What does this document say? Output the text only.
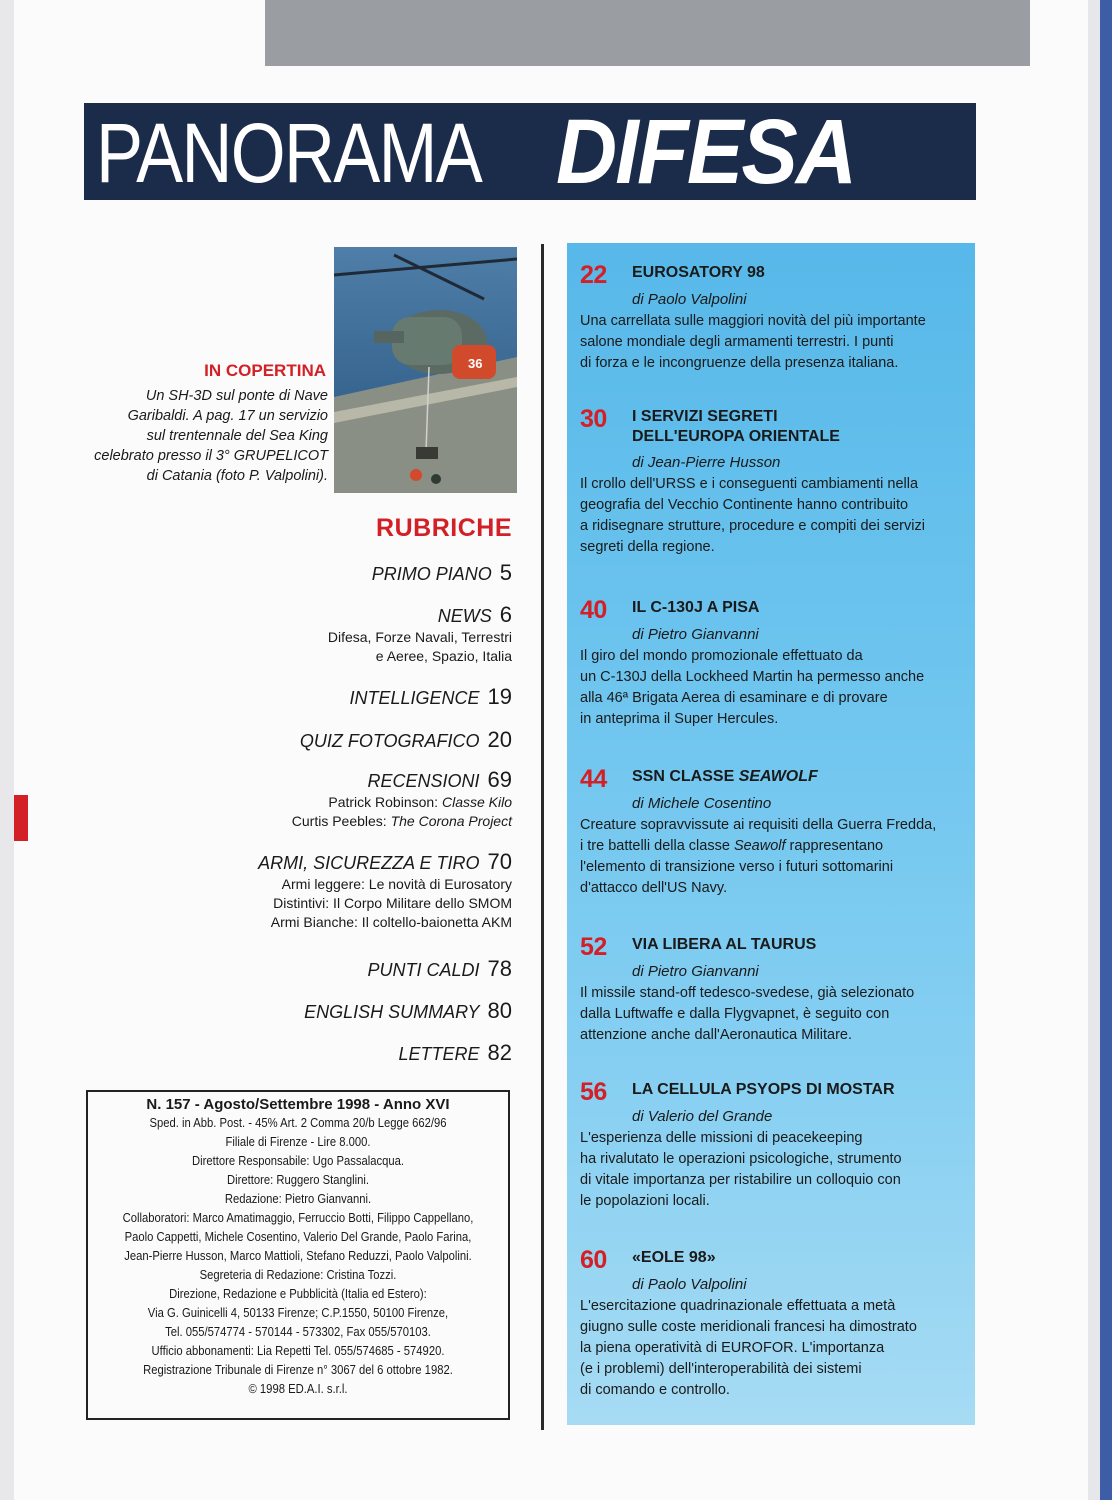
PANORAMA DIFESA
36
IN COPERTINA
Un SH-3D sul ponte di Nave
Garibaldi. A pag. 17 un servizio
sul trentennale del Sea King
celebrato presso il 3° GRUPELICOT
di Catania (foto P. Valpolini).
RUBRICHE
PRIMO PIANO 5
NEWS 6
Difesa, Forze Navali, Terrestri
e Aeree, Spazio, Italia
INTELLIGENCE 19
QUIZ FOTOGRAFICO 20
RECENSIONI 69
Patrick Robinson: Classe Kilo
Curtis Peebles: The Corona Project
ARMI, SICUREZZA E TIRO 70
Armi leggere: Le novità di Eurosatory
Distintivi: Il Corpo Militare dello SMOM
Armi Bianche: Il coltello-baionetta AKM
PUNTI CALDI 78
ENGLISH SUMMARY 80
LETTERE 82
N. 157 - Agosto/Settembre 1998 - Anno XVI
Sped. in Abb. Post. - 45% Art. 2 Comma 20/b Legge 662/96
Filiale di Firenze - Lire 8.000.
Direttore Responsabile: Ugo Passalacqua.
Direttore: Ruggero Stanglini.
Redazione: Pietro Gianvanni.
Collaboratori: Marco Amatimaggio, Ferruccio Botti, Filippo Cappellano,
Paolo Cappetti, Michele Cosentino, Valerio Del Grande, Paolo Farina,
Jean-Pierre Husson, Marco Mattioli, Stefano Reduzzi, Paolo Valpolini.
Segreteria di Redazione: Cristina Tozzi.
Direzione, Redazione e Pubblicità (Italia ed Estero):
Via G. Guinicelli 4, 50133 Firenze; C.P.1550, 50100 Firenze,
Tel. 055/574774 - 570144 - 573302, Fax 055/570103.
Ufficio abbonamenti: Lia Repetti Tel. 055/574685 - 574920.
Registrazione Tribunale di Firenze n° 3067 del 6 ottobre 1982.
© 1998 ED.A.I. s.r.l.
22 EUROSATORY 98
di Paolo Valpolini
Una carrellata sulle maggiori novità del più importante
salone mondiale degli armamenti terrestri. I punti
di forza e le incongruenze della presenza italiana.
30 I SERVIZI SEGRETI
DELL'EUROPA ORIENTALE
di Jean-Pierre Husson
Il crollo dell'URSS e i conseguenti cambiamenti nella
geografia del Vecchio Continente hanno contribuito
a ridisegnare strutture, procedure e compiti dei servizi
segreti della regione.
40 IL C-130J A PISA
di Pietro Gianvanni
Il giro del mondo promozionale effettuato da
un C-130J della Lockheed Martin ha permesso anche
alla 46ª Brigata Aerea di esaminare e di provare
in anteprima il Super Hercules.
44 SSN CLASSE SEAWOLF
di Michele Cosentino
Creature sopravvissute ai requisiti della Guerra Fredda,
i tre battelli della classe Seawolf rappresentano
l'elemento di transizione verso i futuri sottomarini
d'attacco dell'US Navy.
52 VIA LIBERA AL TAURUS
di Pietro Gianvanni
Il missile stand-off tedesco-svedese, già selezionato
dalla Luftwaffe e dalla Flygvapnet, è seguito con
attenzione anche dall'Aeronautica Militare.
56 LA CELLULA PSYOPS DI MOSTAR
di Valerio del Grande
L'esperienza delle missioni di peacekeeping
ha rivalutato le operazioni psicologiche, strumento
di vitale importanza per ristabilire un colloquio con
le popolazioni locali.
60 «EOLE 98»
di Paolo Valpolini
L'esercitazione quadrinazionale effettuata a metà
giugno sulle coste meridionali francesi ha dimostrato
la piena operatività di EUROFOR. L'importanza
(e i problemi) dell'interoperabilità dei sistemi
di comando e controllo.
